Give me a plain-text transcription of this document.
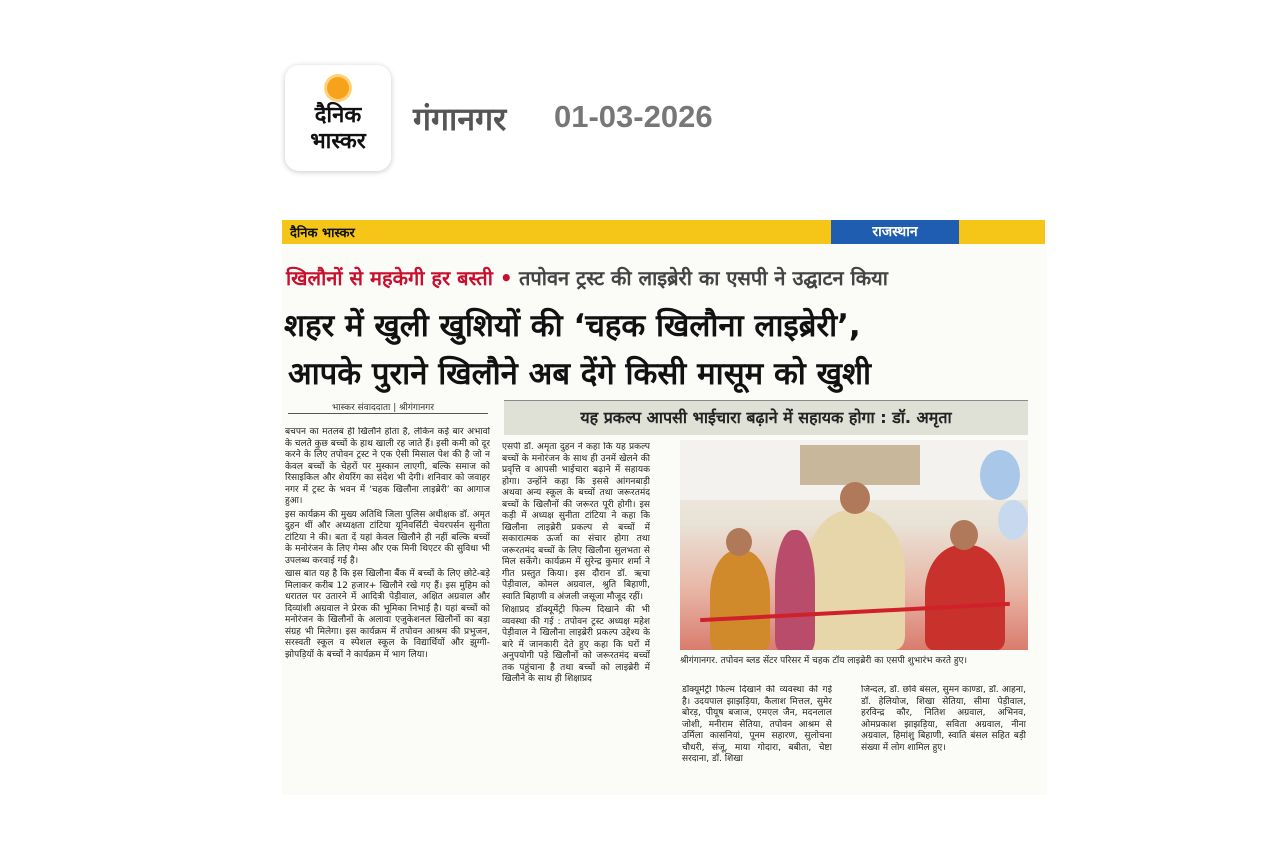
दैनिक
भास्कर
गंगानगर 01-03-2026
दैनिक भास्कर	राजस्थान
खिलौनों से महकेगी हर बस्ती • तपोवन ट्रस्ट की लाइब्रेरी का एसपी ने उद्घाटन किया
शहर में खुली खुशियों की ‘चहक खिलौना लाइब्रेरी’,
आपके पुराने खिलौने अब देंगे किसी मासूम को खुशी
भास्कर संवाददाता | श्रीगंगानगर	यह प्रकल्प आपसी भाईचारा बढ़ाने में सहायक होगा : डॉ. अमृता

बचपन का मतलब ही खिलौने होता है, लेकिन कई बार अभावों के चलते कुछ बच्चों के हाथ खाली रह जाते हैं। इसी कमी को दूर करने के लिए तपोवन ट्रस्ट ने एक ऐसी मिसाल पेश की है जो न केवल बच्चों के चेहरों पर मुस्कान लाएगी, बल्कि समाज को रिसाइकिल और शेयरिंग का संदेश भी देगी। शनिवार को जवाहर नगर में ट्रस्ट के भवन में ‘चहक खिलौना लाइब्रेरी’ का आगाज हुआ।

इस कार्यक्रम की मुख्य अतिथि जिला पुलिस अधीक्षक डॉ. अमृत दुहन थीं और अध्यक्षता टांटिया यूनिवर्सिटी चेयरपर्सन सुनीता टांटिया ने की। बता दें यहां केवल खिलौने ही नहीं बल्कि बच्चों के मनोरंजन के लिए गेम्स और एक मिनी थिएटर की सुविधा भी उपलब्ध करवाई गई है।

खास बात यह है कि इस खिलौना बैंक में बच्चों के लिए छोटे-बड़े मिलाकर करीब 12 हजार+ खिलौने रखे गए हैं। इस मुहिम को धरातल पर उतारने में आदित्री पेड़ीवाल, अक्षित अग्रवाल और दिव्यांशी अग्रवाल ने प्रेरक की भूमिका निभाई है। यहां बच्चों को मनोरंजन के खिलौनों के अलावा एजुकेशनल खिलौनों का बड़ा संग्रह भी मिलेगा। इस कार्यक्रम में तपोवन आश्रम की प्रभुजन, सरस्वती स्कूल व स्पेशल स्कूल के विद्यार्थियों और झुग्गी-झोपड़ियों के बच्चों ने कार्यक्रम में भाग लिया।

एसपी डॉ. अमृता दुहन ने कहा कि यह प्रकल्प बच्चों के मनोरंजन के साथ ही उनमें खेलने की प्रवृत्ति व आपसी भाईचारा बढ़ाने में सहायक होगा। उन्होंने कहा कि इससे आंगनबाड़ी अथवा अन्य स्कूल के बच्चों तथा जरूरतमंद बच्चों के खिलौनों की जरूरत पूरी होगी। इस कड़ी में अध्यक्ष सुनीता टांटिया ने कहा कि खिलौना लाइब्रेरी प्रकल्प से बच्चों में सकारात्मक ऊर्जा का संचार होगा तथा जरूरतमंद बच्चों के लिए खिलौना सुलभता से मिल सकेंगे। कार्यक्रम में सुरेन्द्र कुमार शर्मा ने गीत प्रस्तुत किया। इस दौरान डॉ. ऋचा पेड़ीवाल, कोमल अग्रवाल, श्रुति बिहाणी, स्वाति बिहाणी व अंजली जसूजा मौजूद रहीं।

शिक्षाप्रद डॉक्यूमेंट्री फिल्म दिखाने की भी व्यवस्था की गई : तपोवन ट्रस्ट अध्यक्ष महेश पेड़ीवाल ने खिलौना लाइब्रेरी प्रकल्प उद्देश्य के बारे में जानकारी देते हुए कहा कि घरों में अनुपयोगी पड़े खिलौनों को जरूरतमंद बच्चों तक पहुंचाना है तथा बच्चों को लाइब्रेरी में खिलौने के साथ ही शिक्षाप्रद

श्रीगंगानगर. तपोवन ब्लड सेंटर परिसर में चहक टॉय लाइब्रेरी का एसपी शुभारंभ करते हुए।
डॉक्यूमेंट्री फिल्म दिखाने की व्यवस्था की गई है। उदयपाल झाझड़िया, कैलाश मित्तल, सुमेर बोरड़, पीयूष बजाज, एमएल जैन, मदनलाल जोशी, मनीराम सेतिया, तपोवन आश्रम से उर्मिला कासनियां, पूनम सहारण, सुलोचना चौधरी, संजू, माया गोदारा, बबीता, चेष्टा सरदाना, डॉ. शिखा
जिन्दल, डॉ. छवि बंसल, सुमन काण्डा, डॉ. आहना, डॉ. हेलियोज, शिखा सेतिया, सीमा पेड़ीवाल, हरविन्द्र कौर, नितिश अग्रवाल, अभिनव, ओमप्रकाश झाझड़िया, सविता अग्रवाल, नीना अग्रवाल, हिमांशु बिहाणी, स्वाति बंसल सहित बड़ी संख्या में लोग शामिल हुए।
